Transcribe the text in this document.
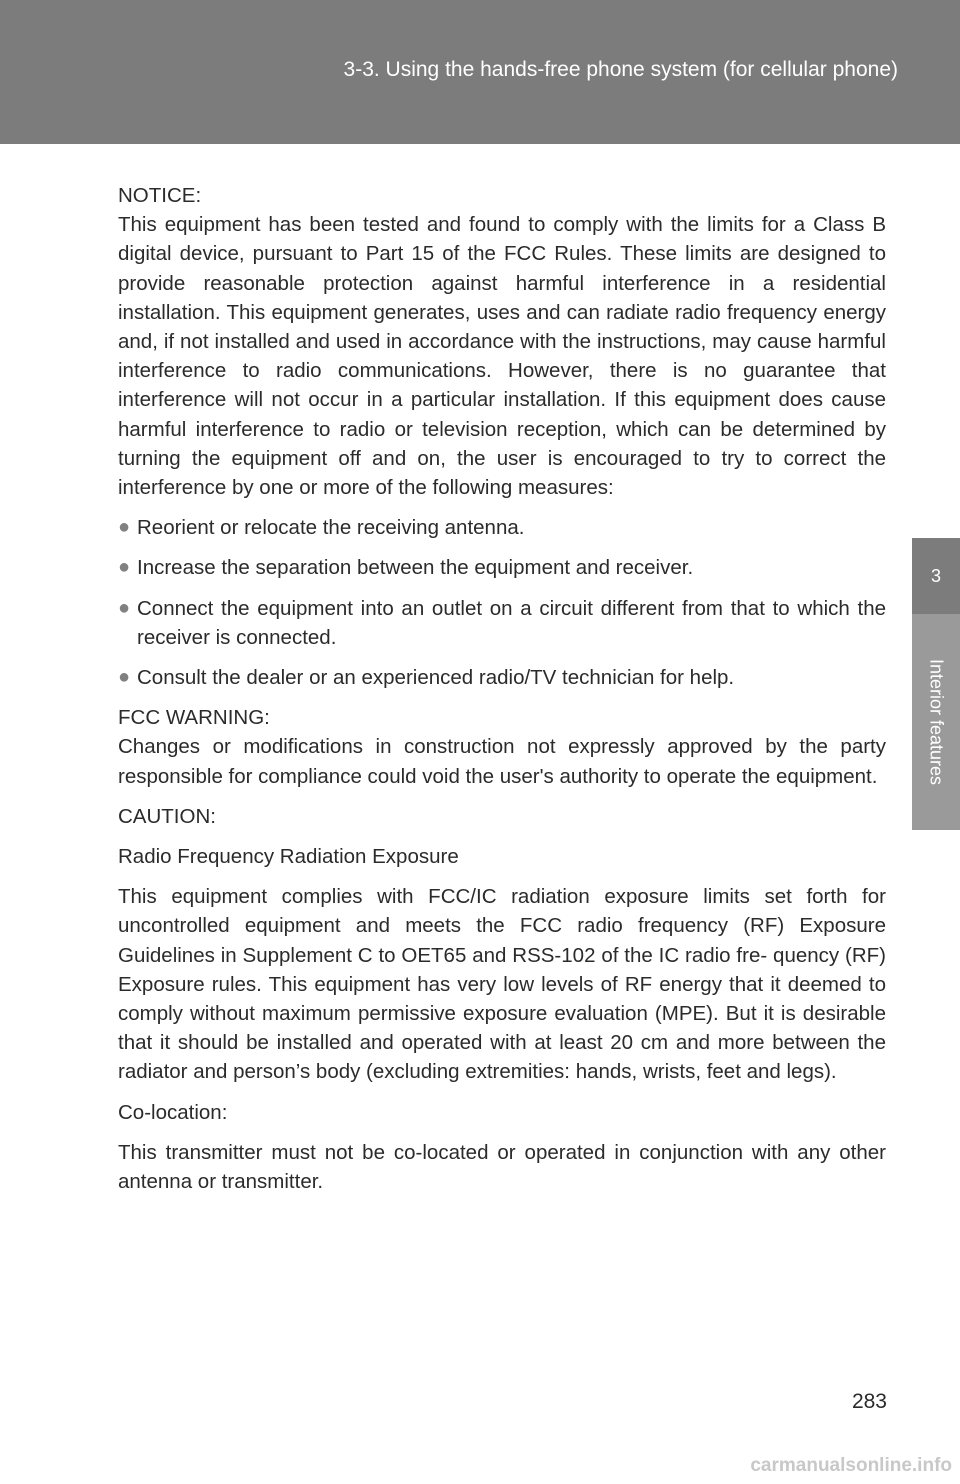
3-3. Using the hands-free phone system (for cellular phone)
3
Interior features

NOTICE:

This equipment has been tested and found to comply with the limits for a Class B digital device, pursuant to Part 15 of the FCC Rules. These limits are designed to provide reasonable protection against harmful interference in a residential installation. This equipment generates, uses and can radiate radio frequency energy and, if not installed and used in accordance with the instructions, may cause harmful interference to radio communications. However, there is no guarantee that interference will not occur in a particular installation. If this equipment does cause harmful interference to radio or television reception, which can be determined by turning the equipment off and on, the user is encouraged to try to correct the interference by one or more of the following measures:

● Reorient or relocate the receiving antenna.

● Increase the separation between the equipment and receiver.

● Connect the equipment into an outlet on a circuit different from that to which the receiver is connected.

● Consult the dealer or an experienced radio/TV technician for help.

FCC WARNING:

Changes or modifications in construction not expressly approved by the party responsible for compliance could void the user's authority to operate the equipment.

CAUTION:

Radio Frequency Radiation Exposure

This equipment complies with FCC/IC radiation exposure limits set forth for uncontrolled equipment and meets the FCC radio frequency (RF) Exposure Guidelines in Supplement C to OET65 and RSS-102 of the IC radio fre- quency (RF) Exposure rules. This equipment has very low levels of RF energy that it deemed to comply without maximum permissive exposure evaluation (MPE). But it is desirable that it should be installed and operated with at least 20 cm and more between the radiator and person’s body (excluding extremities: hands, wrists, feet and legs).

Co-location:

This transmitter must not be co-located or operated in conjunction with any other antenna or transmitter.

283
carmanualsonline.info
